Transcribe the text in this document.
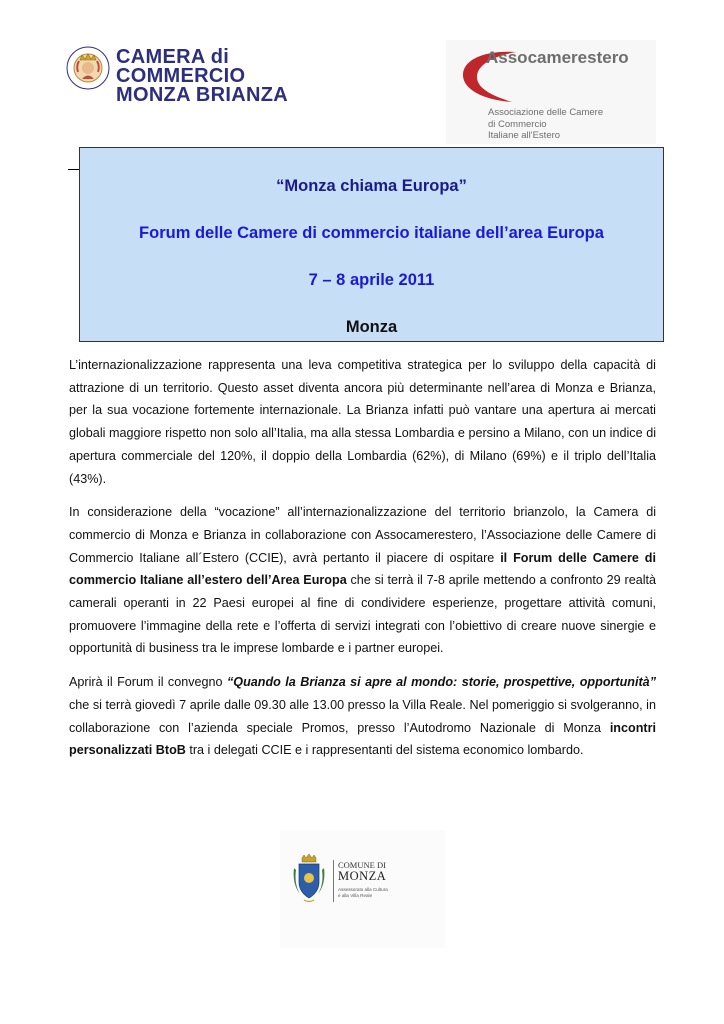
CAMERA di
COMMERCIO
MONZA BRIANZA
Assocamerestero
Associazione delle Camere
di Commercio
Italiane all'Estero
“Monza chiama Europa”
Forum delle Camere di commercio italiane dell’area Europa
7 – 8 aprile 2011
Monza

L’internazionalizzazione rappresenta una leva competitiva strategica per lo sviluppo della capacità di attrazione di un territorio. Questo asset diventa ancora più determinante nell’area di Monza e Brianza, per la sua vocazione fortemente internazionale. La Brianza infatti può vantare una apertura ai mercati globali maggiore rispetto non solo all’Italia, ma alla stessa Lombardia e persino a Milano, con un indice di apertura commerciale del 120%, il doppio della Lombardia (62%), di Milano (69%) e il triplo dell’Italia (43%).

In considerazione della “vocazione” all’internazionalizzazione del territorio brianzolo, la Camera di commercio di Monza e Brianza in collaborazione con Assocamerestero, l’Associazione delle Camere di Commercio Italiane all´Estero (CCIE), avrà pertanto il piacere di ospitare il Forum delle Camere di commercio Italiane all’estero dell’Area Europa che si terrà il 7-8 aprile mettendo a confronto 29 realtà camerali operanti in 22 Paesi europei al fine di condividere esperienze, progettare attività comuni, promuovere l’immagine della rete e l’offerta di servizi integrati con l’obiettivo di creare nuove sinergie e opportunità di business tra le imprese lombarde e i partner europei.

Aprirà il Forum il convegno “Quando la Brianza si apre al mondo: storie, prospettive, opportunità” che si terrà giovedì 7 aprile dalle 09.30 alle 13.00 presso la Villa Reale. Nel pomeriggio si svolgeranno, in collaborazione con l’azienda speciale Promos, presso l’Autodromo Nazionale di Monza incontri personalizzati BtoB tra i delegati CCIE e i rappresentanti del sistema economico lombardo.

COMUNE DI
MONZA
Assessorato alla Cultura
e alla Villa Reale
